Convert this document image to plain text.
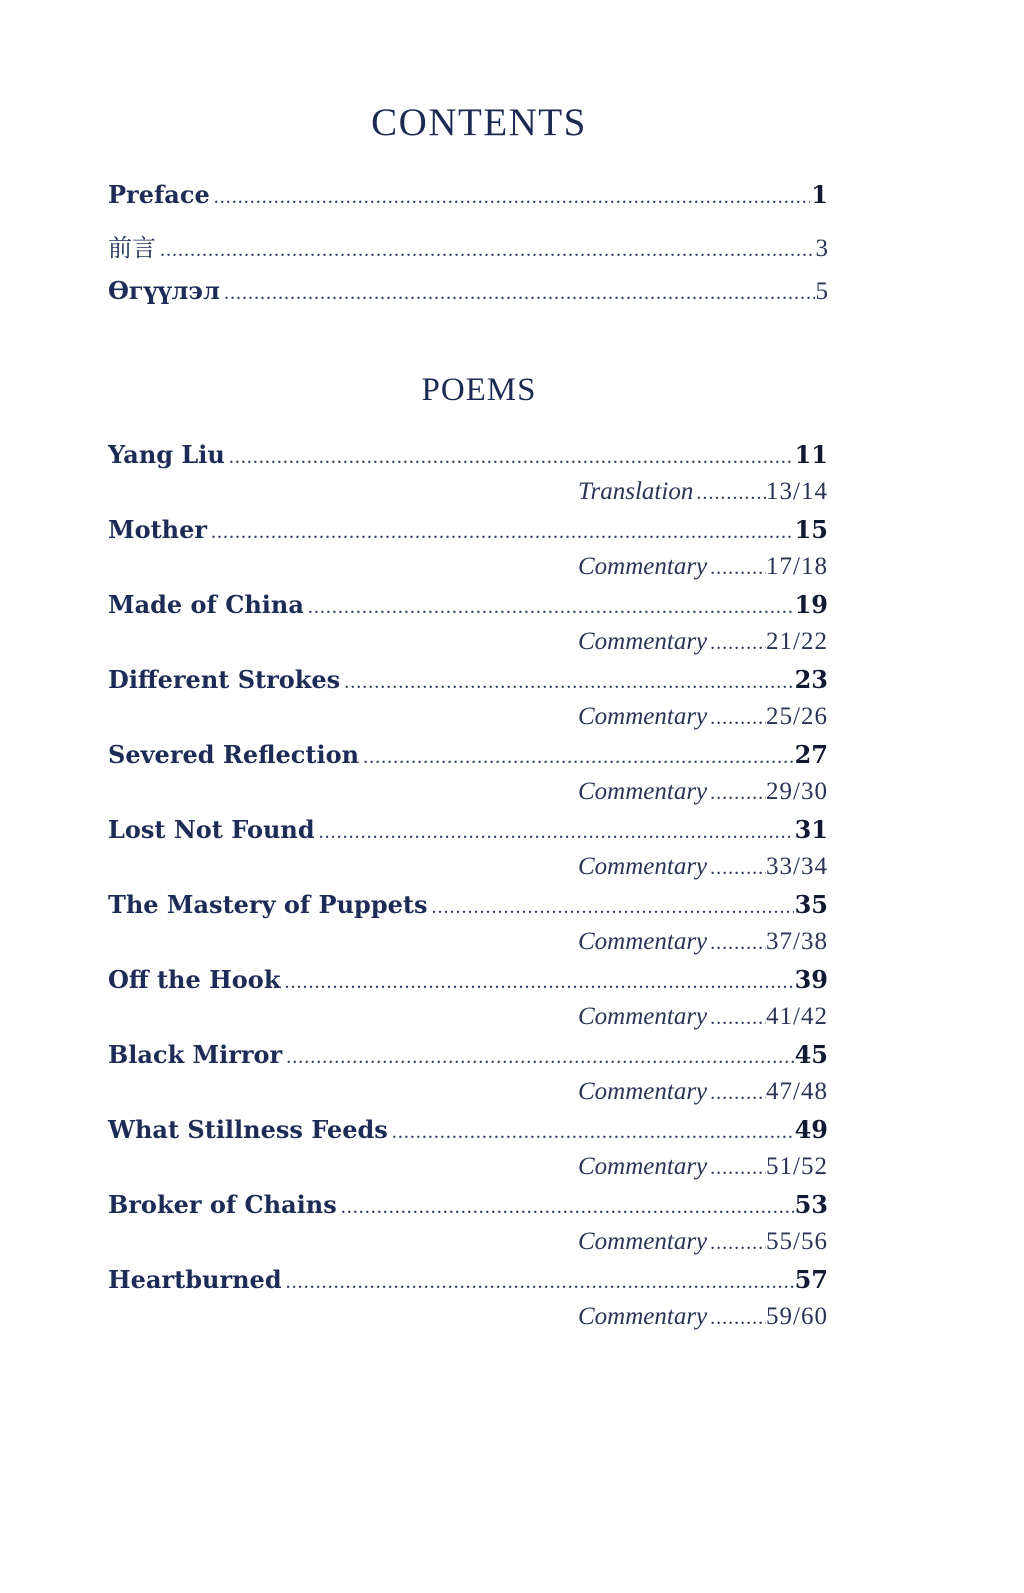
CONTENTS
Preface .....	1
前言 .....	3
Өгүүлэл .....	5
POEMS
Yang Liu .....	11
Translation .....	13/14
Mother .....	15
Commentary ..... 17/18
Made of China .....	19
Commentary ..... 21/22
Different Strokes .....	23
Commentary ..... 25/26
Severed Reflection .....	27
Commentary ..... 29/30
Lost Not Found .....	31
Commentary ..... 33/34
The Mastery of Puppets .....	35
Commentary ..... 37/38
Off the Hook .....	39
Commentary ..... 41/42
Black Mirror .....	45
Commentary ..... 47/48
What Stillness Feeds .....	49
Commentary ..... 51/52
Broker of Chains .....	53
Commentary ..... 55/56
Heartburned .....	57
Commentary ..... 59/60
